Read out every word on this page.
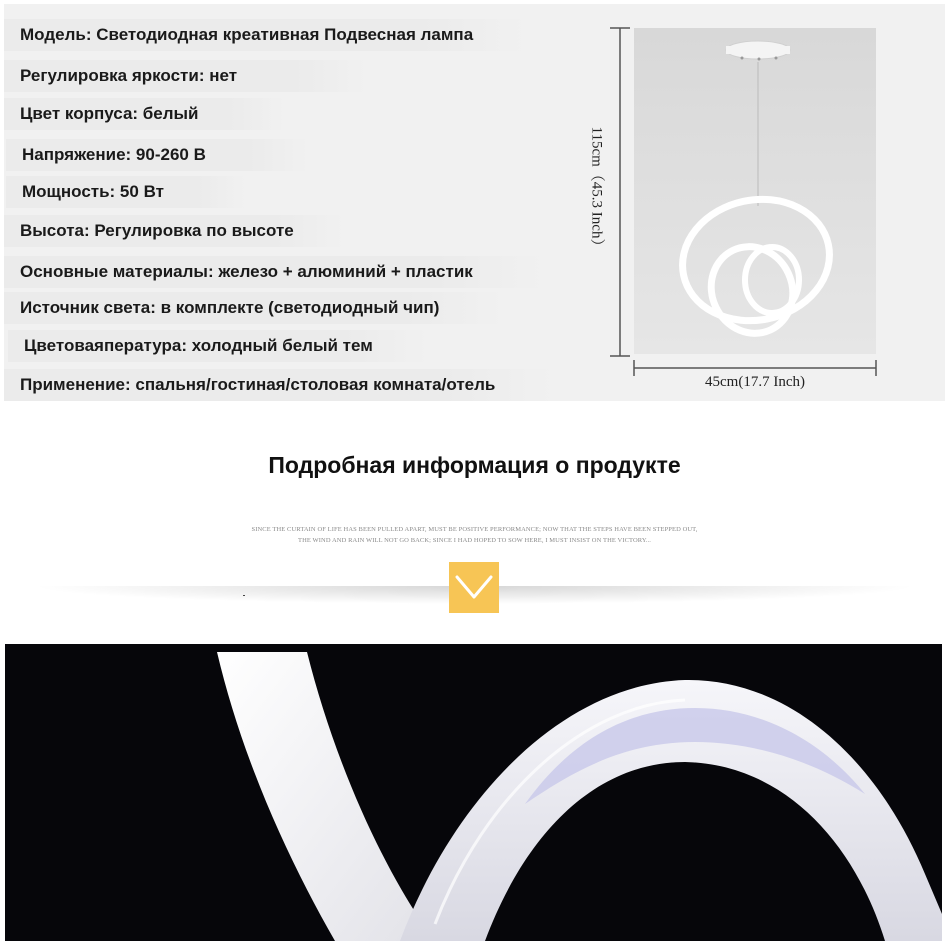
Модель: Светодиодная креативная Подвесная лампа
Регулировка яркости: нет
Цвет корпуса: белый
Напряжение: 90-260 В
Мощность: 50 Вт
Высота: Регулировка по высоте
Основные материалы: железо + алюминий + пластик
Источник света: в комплекте (светодиодный чип)
Цветоваяпература: холодный белый тем
Применение: спальня/гостиная/столовая комната/отель
115cm（45.3 Inch）
45cm(17.7 Inch)
Подробная информация о продукте
SINCE THE CURTAIN OF LIFE HAS BEEN PULLED APART, MUST BE POSITIVE PERFORMANCE; NOW THAT THE STEPS HAVE BEEN STEPPED OUT,
THE WIND AND RAIN WILL NOT GO BACK; SINCE I HAD HOPED TO SOW HERE, I MUST INSIST ON THE VICTORY...
